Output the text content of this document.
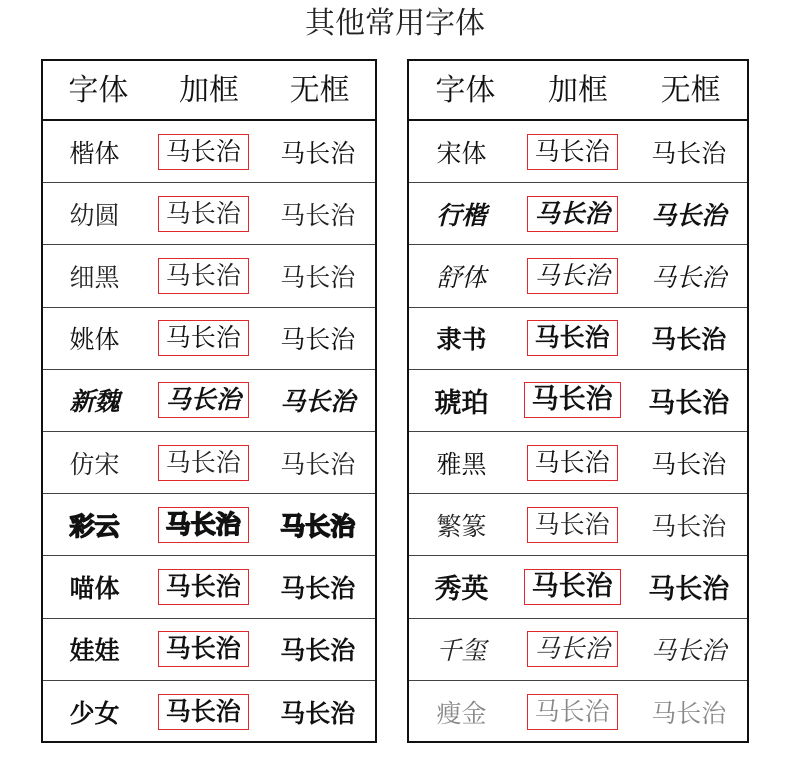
其他常用字体
字体	加框	无框
楷体	马长治	马长治
幼圆	马长治	马长治
细黑	马长治	马长治
姚体	马长治	马长治
新魏	马长治	马长治
仿宋	马长治	马长治
彩云	马长治	马长治
喵体	马长治	马长治
娃娃	马长治	马长治
少女	马长治	马长治
字体	加框	无框
宋体	马长治	马长治
行楷	马长治	马长治
舒体	马长治	马长治
隶书	马长治	马长治
琥珀	马长治	马长治
雅黑	马长治	马长治
繁篆	马长治	马长治
秀英	马长治	马长治
千玺	马长治	马长治
瘦金	马长治	马长治
